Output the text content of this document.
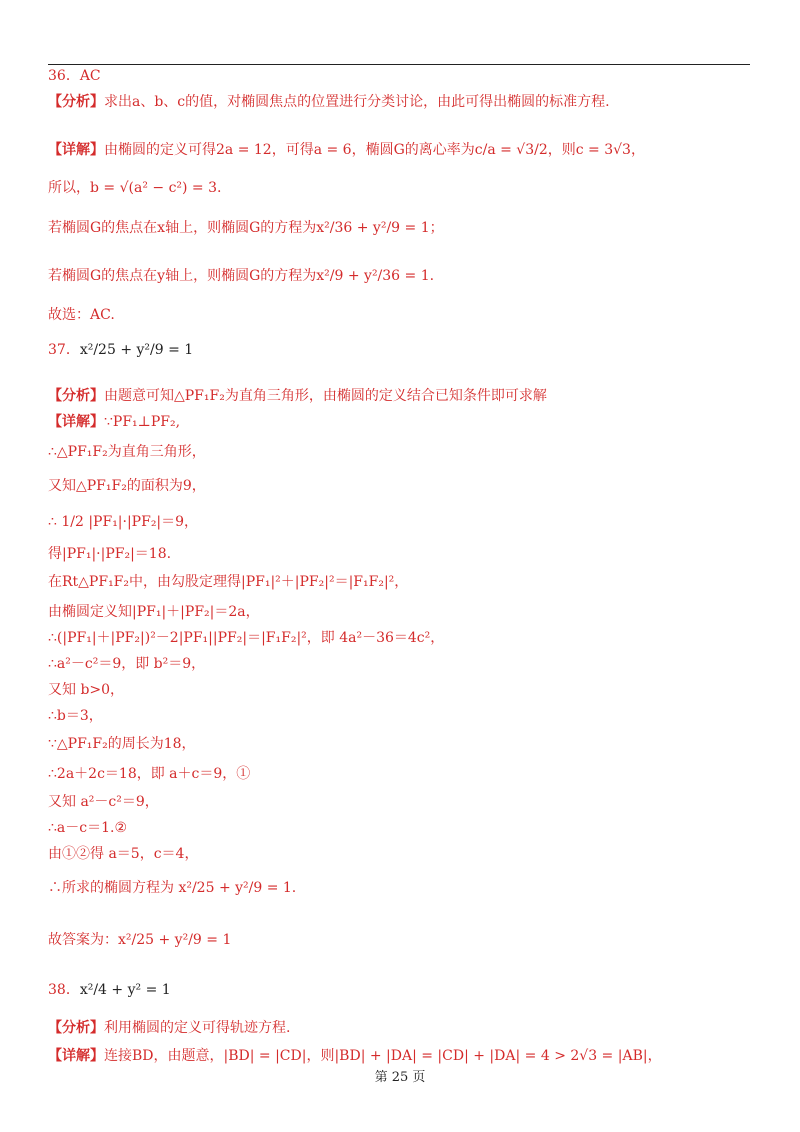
36．AC
【分析】求出a、b、c的值，对椭圆焦点的位置进行分类讨论，由此可得出椭圆的标准方程.
【详解】由椭圆的定义可得2a = 12，可得a = 6，椭圆G的离心率为c/a = √3/2，则c = 3√3，
所以，b = √(a² − c²) = 3.
若椭圆G的焦点在x轴上，则椭圆G的方程为x²/36 + y²/9 = 1；
若椭圆G的焦点在y轴上，则椭圆G的方程为x²/9 + y²/36 = 1.
故选：AC.
37．x²/25 + y²/9 = 1
【分析】由题意可知△PF₁F₂为直角三角形，由椭圆的定义结合已知条件即可求解
【详解】∵PF₁⊥PF₂,
∴△PF₁F₂为直角三角形，
又知△PF₁F₂的面积为9，
∴ 1/2 |PF₁|·|PF₂|＝9，
得|PF₁|·|PF₂|＝18.
在Rt△PF₁F₂中，由勾股定理得|PF₁|²＋|PF₂|²＝|F₁F₂|²，
由椭圆定义知|PF₁|＋|PF₂|＝2a，
∴(|PF₁|＋|PF₂|)²－2|PF₁||PF₂|＝|F₁F₂|²，即 4a²－36＝4c²，
∴a²－c²＝9，即 b²＝9，
又知 b>0，
∴b＝3，
∵△PF₁F₂的周长为18，
∴2a＋2c＝18，即 a＋c＝9，①
又知 a²－c²＝9，
∴a－c＝1.②
由①②得 a＝5，c＝4，
∴所求的椭圆方程为 x²/25 + y²/9 = 1.
故答案为：x²/25 + y²/9 = 1
38．x²/4 + y² = 1
【分析】利用椭圆的定义可得轨迹方程.
【详解】连接BD，由题意，|BD| = |CD|，则|BD| + |DA| = |CD| + |DA| = 4 > 2√3 = |AB|，
第 25 页
